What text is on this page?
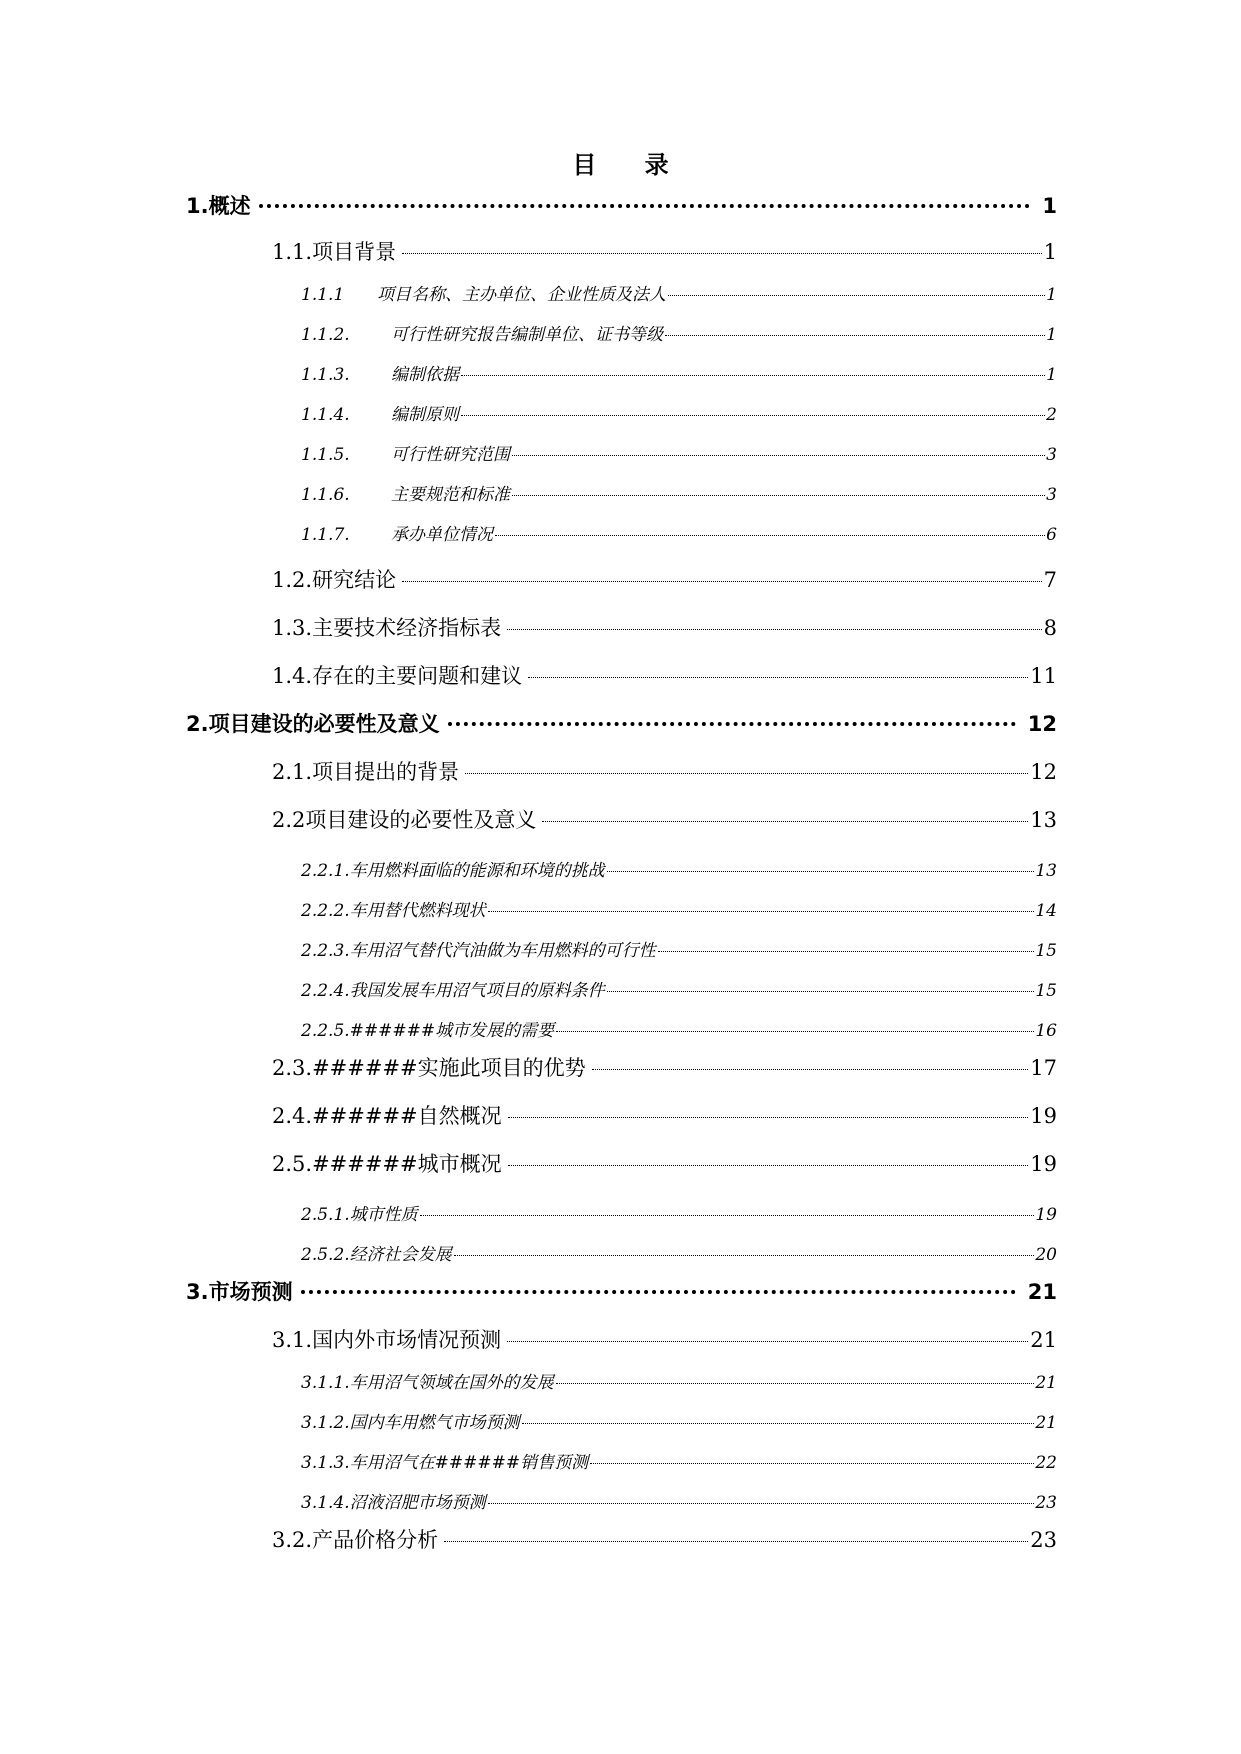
目 录
1. 概述	1
1.1. 项目背景	1
1.1.1	项目名称、主办单位、企业性质及法人	1
1.1.2.	可行性研究报告编制单位、证书等级	1
1.1.3.	编制依据	1
1.1.4.	编制原则	2
1.1.5.	可行性研究范围	3
1.1.6.	主要规范和标准	3
1.1.7.	承办单位情况	6
1.2. 研究结论	7
1.3. 主要技术经济指标表	8
1.4. 存在的主要问题和建议	11
2. 项目建设的必要性及意义	12
2.1. 项目提出的背景	12
2.2 项目建设的必要性及意义	13
2.2.1. 车用燃料面临的能源和环境的挑战	13
2.2.2. 车用替代燃料现状	14
2.2.3. 车用沼气替代汽油做为车用燃料的可行性	15
2.2.4. 我国发展车用沼气项目的原料条件	15
2.2.5. ######城市发展的需要	16
2.3. ######实施此项目的优势	17
2.4. ######自然概况	19
2.5. ######城市概况	19
2.5.1. 城市性质	19
2.5.2. 经济社会发展	20
3. 市场预测	21
3.1. 国内外市场情况预测	21
3.1.1. 车用沼气领域在国外的发展	21
3.1.2. 国内车用燃气市场预测	21
3.1.3. 车用沼气在######销售预测	22
3.1.4. 沼液沼肥市场预测	23
3.2. 产品价格分析	23
